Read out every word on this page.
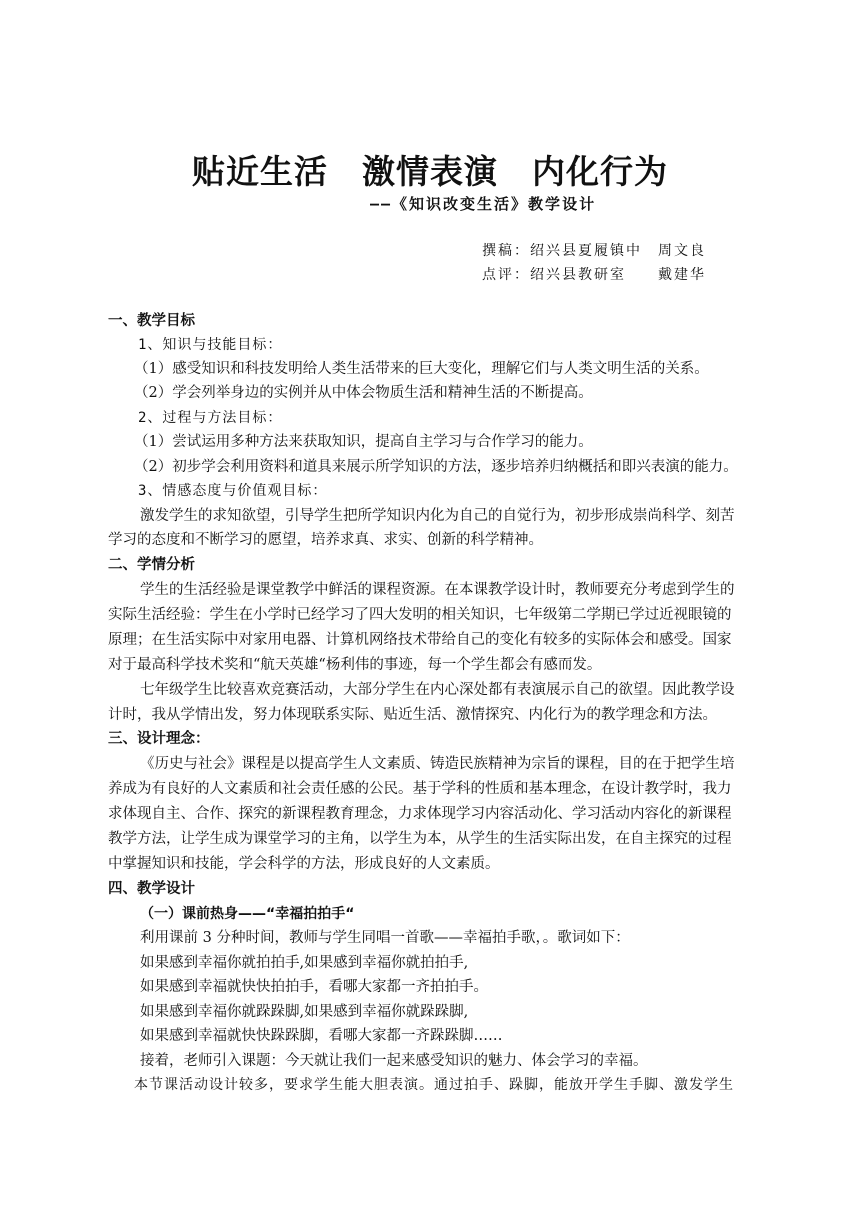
贴近生活　激情表演　内化行为
——《知识改变生活》教学设计
撰稿：绍兴县夏履镇中　周文良
点评：绍兴县教研室　　戴建华
一、教学目标
1、知识与技能目标：
（1）感受知识和科技发明给人类生活带来的巨大变化，理解它们与人类文明生活的关系。
（2）学会列举身边的实例并从中体会物质生活和精神生活的不断提高。
2、过程与方法目标：
（1）尝试运用多种方法来获取知识，提高自主学习与合作学习的能力。
（2）初步学会利用资料和道具来展示所学知识的方法，逐步培养归纳概括和即兴表演的能力。
3、情感态度与价值观目标：
激发学生的求知欲望，引导学生把所学知识内化为自己的自觉行为，初步形成崇尚科学、刻苦
学习的态度和不断学习的愿望，培养求真、求实、创新的科学精神。
二、学情分析
学生的生活经验是课堂教学中鲜活的课程资源。在本课教学设计时，教师要充分考虑到学生的
实际生活经验：学生在小学时已经学习了四大发明的相关知识，七年级第二学期已学过近视眼镜的
原理；在生活实际中对家用电器、计算机网络技术带给自己的变化有较多的实际体会和感受。国家
对于最高科学技术奖和“航天英雄“杨利伟的事迹，每一个学生都会有感而发。
七年级学生比较喜欢竞赛活动，大部分学生在内心深处都有表演展示自己的欲望。因此教学设
计时，我从学情出发，努力体现联系实际、贴近生活、激情探究、内化行为的教学理念和方法。
三、设计理念：
《历史与社会》课程是以提高学生人文素质、铸造民族精神为宗旨的课程，目的在于把学生培
养成为有良好的人文素质和社会责任感的公民。基于学科的性质和基本理念，在设计教学时，我力
求体现自主、合作、探究的新课程教育理念，力求体现学习内容活动化、学习活动内容化的新课程
教学方法，让学生成为课堂学习的主角，以学生为本，从学生的生活实际出发，在自主探究的过程
中掌握知识和技能，学会科学的方法，形成良好的人文素质。
四、教学设计
（一）课前热身——“幸福拍拍手“
利用课前 3 分种时间，教师与学生同唱一首歌——幸福拍手歌，。歌词如下：
如果感到幸福你就拍拍手,如果感到幸福你就拍拍手,
如果感到幸福就快快拍拍手，看哪大家都一齐拍拍手。
如果感到幸福你就跺跺脚,如果感到幸福你就跺跺脚,
如果感到幸福就快快跺跺脚，看哪大家都一齐跺跺脚……
接着，老师引入课题：今天就让我们一起来感受知识的魅力、体会学习的幸福。
本节课活动设计较多，要求学生能大胆表演。通过拍手、跺脚，能放开学生手脚、激发学生
